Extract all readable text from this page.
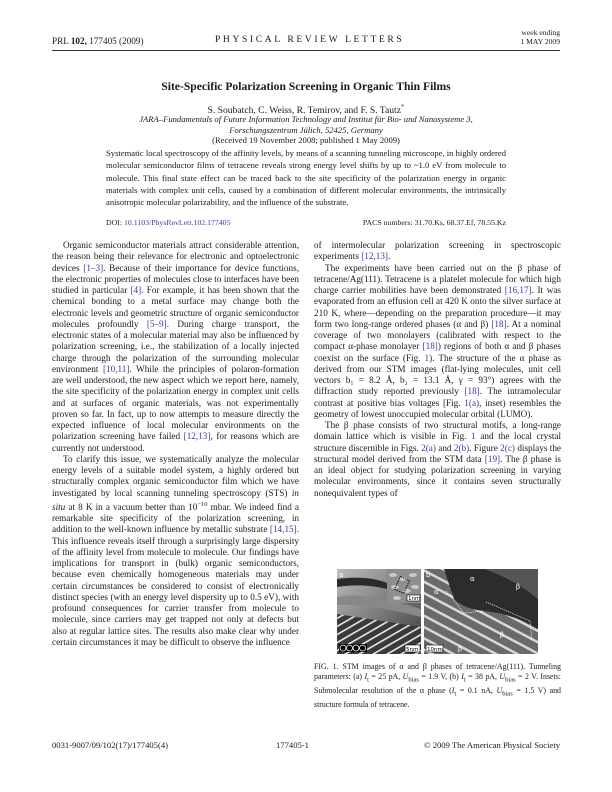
PRL 102, 177405 (2009)	PHYSICAL REVIEW LETTERS
week ending
1 MAY 2009
Site-Specific Polarization Screening in Organic Thin Films
S. Soubatch, C. Weiss, R. Temirov, and F. S. Tautz*
JARA–Fundamentals of Future Information Technology and Institut für Bio- und Nanosysteme 3,
Forschungszentrum Jülich, 52425, Germany
(Received 19 November 2008; published 1 May 2009)
Systematic local spectroscopy of the affinity levels, by means of a scanning tunneling microscope, in highly ordered molecular semiconductor films of tetracene reveals strong energy level shifts by up to ~1.0 eV from molecule to molecule. This final state effect can be traced back to the site specificity of the polarization energy in organic materials with complex unit cells, caused by a combination of different molecular environments, the intrinsically anisotropic molecular polarizability, and the influence of the substrate.
DOI: 10.1103/PhysRevLett.102.177405	PACS numbers: 31.70.Ks, 68.37.Ef, 78.55.Kz

Organic semiconductor materials attract considerable attention, the reason being their relevance for electronic and optoelectronic devices [1–3]. Because of their importance for device functions, the electronic properties of molecules close to interfaces have been studied in particular [4]. For example, it has been shown that the chemical bonding to a metal surface may change both the electronic levels and geometric structure of organic semiconductor molecules profoundly [5–9]. During charge transport, the electronic states of a molecular material may also be influenced by polarization screening, i.e., the stabilization of a locally injected charge through the polarization of the surrounding molecular environment [10,11]. While the principles of polaron-formation are well understood, the new aspect which we report here, namely, the site specificity of the polarization energy in complex unit cells and at surfaces of organic materials, was not experimentally proven so far. In fact, up to now attempts to measure directly the expected influence of local molecular environments on the polarization screening have failed [12,13], for reasons which are currently not understood.

To clarify this issue, we systematically analyze the molecular energy levels of a suitable model system, a highly ordered but structurally complex organic semiconductor film which we have investigated by local scanning tunneling spectroscopy (STS) in situ at 8 K in a vacuum better than $10^{-10}$ mbar. We indeed find a remarkable site specificity of the polarization screening, in addition to the well-known influence by metallic substrate [14,15]. This influence reveals itself through a surprisingly large dispersity of the affinity level from molecule to molecule. Our findings have implications for transport in (bulk) organic semiconductors, because even chemically homogeneous materials may under certain circumstances be considered to consist of electronically distinct species (with an energy level dispersity up to 0.5 eV), with profound consequences for carrier transfer from molecule to molecule, since carriers may get trapped not only at defects but also at regular lattice sites. The results also make clear why under certain circumstances it may be difficult to observe the influence

of intermolecular polarization screening in spectroscopic experiments [12,13].

The experiments have been carried out on the β phase of tetracene/Ag(111). Tetracene is a platelet molecule for which high charge carrier mobilities have been demonstrated [16,17]. It was evaporated from an effusion cell at 420 K onto the silver surface at 210 K, where—depending on the preparation procedure—it may form two long-range ordered phases (α and β) [18]. At a nominal coverage of two monolayers (calibrated with respect to the compact α-phase monolayer [18]) regions of both α and β phases coexist on the surface (Fig. 1). The structure of the α phase as derived from our STM images (flat-lying molecules, unit cell vectors b₁ = 8.2 Å, b₂ = 13.1 Å, γ = 93°) agrees with the diffraction study reported previously [18]. The intramolecular contrast at positive bias voltages [Fig. 1(a), inset) resembles the geometry of lowest unoccupied molecular orbital (LUMO).

The β phase consists of two structural motifs, a long-range domain lattice which is visible in Fig. 1 and the local crystal structure discernible in Figs. 2(a) and 2(b). Figure 2(c) displays the structural model derived from the STM data [19]. The β phase is an ideal object for studying polarization screening in varying molecular environments, since it contains seven structurally nonequivalent types of

1nm
a
5nm
b
α
α
β
β
β
10nm
FIG. 1. STM images of α and β phases of tetracene/Ag(111). Tunneling parameters: (a) $I_t = 25$ pA, $U_{bias} = 1.9$ V, (b) $I_t = 38$ pA, $U_{bias} = 2$ V. Insets: Submolecular resolution of the α phase ($I_t = 0.1$ nA, $U_{bias} = 1.5$ V) and structure formula of tetracene.
0031-9007/09/102(17)/177405(4)	177405-1	© 2009 The American Physical Society
